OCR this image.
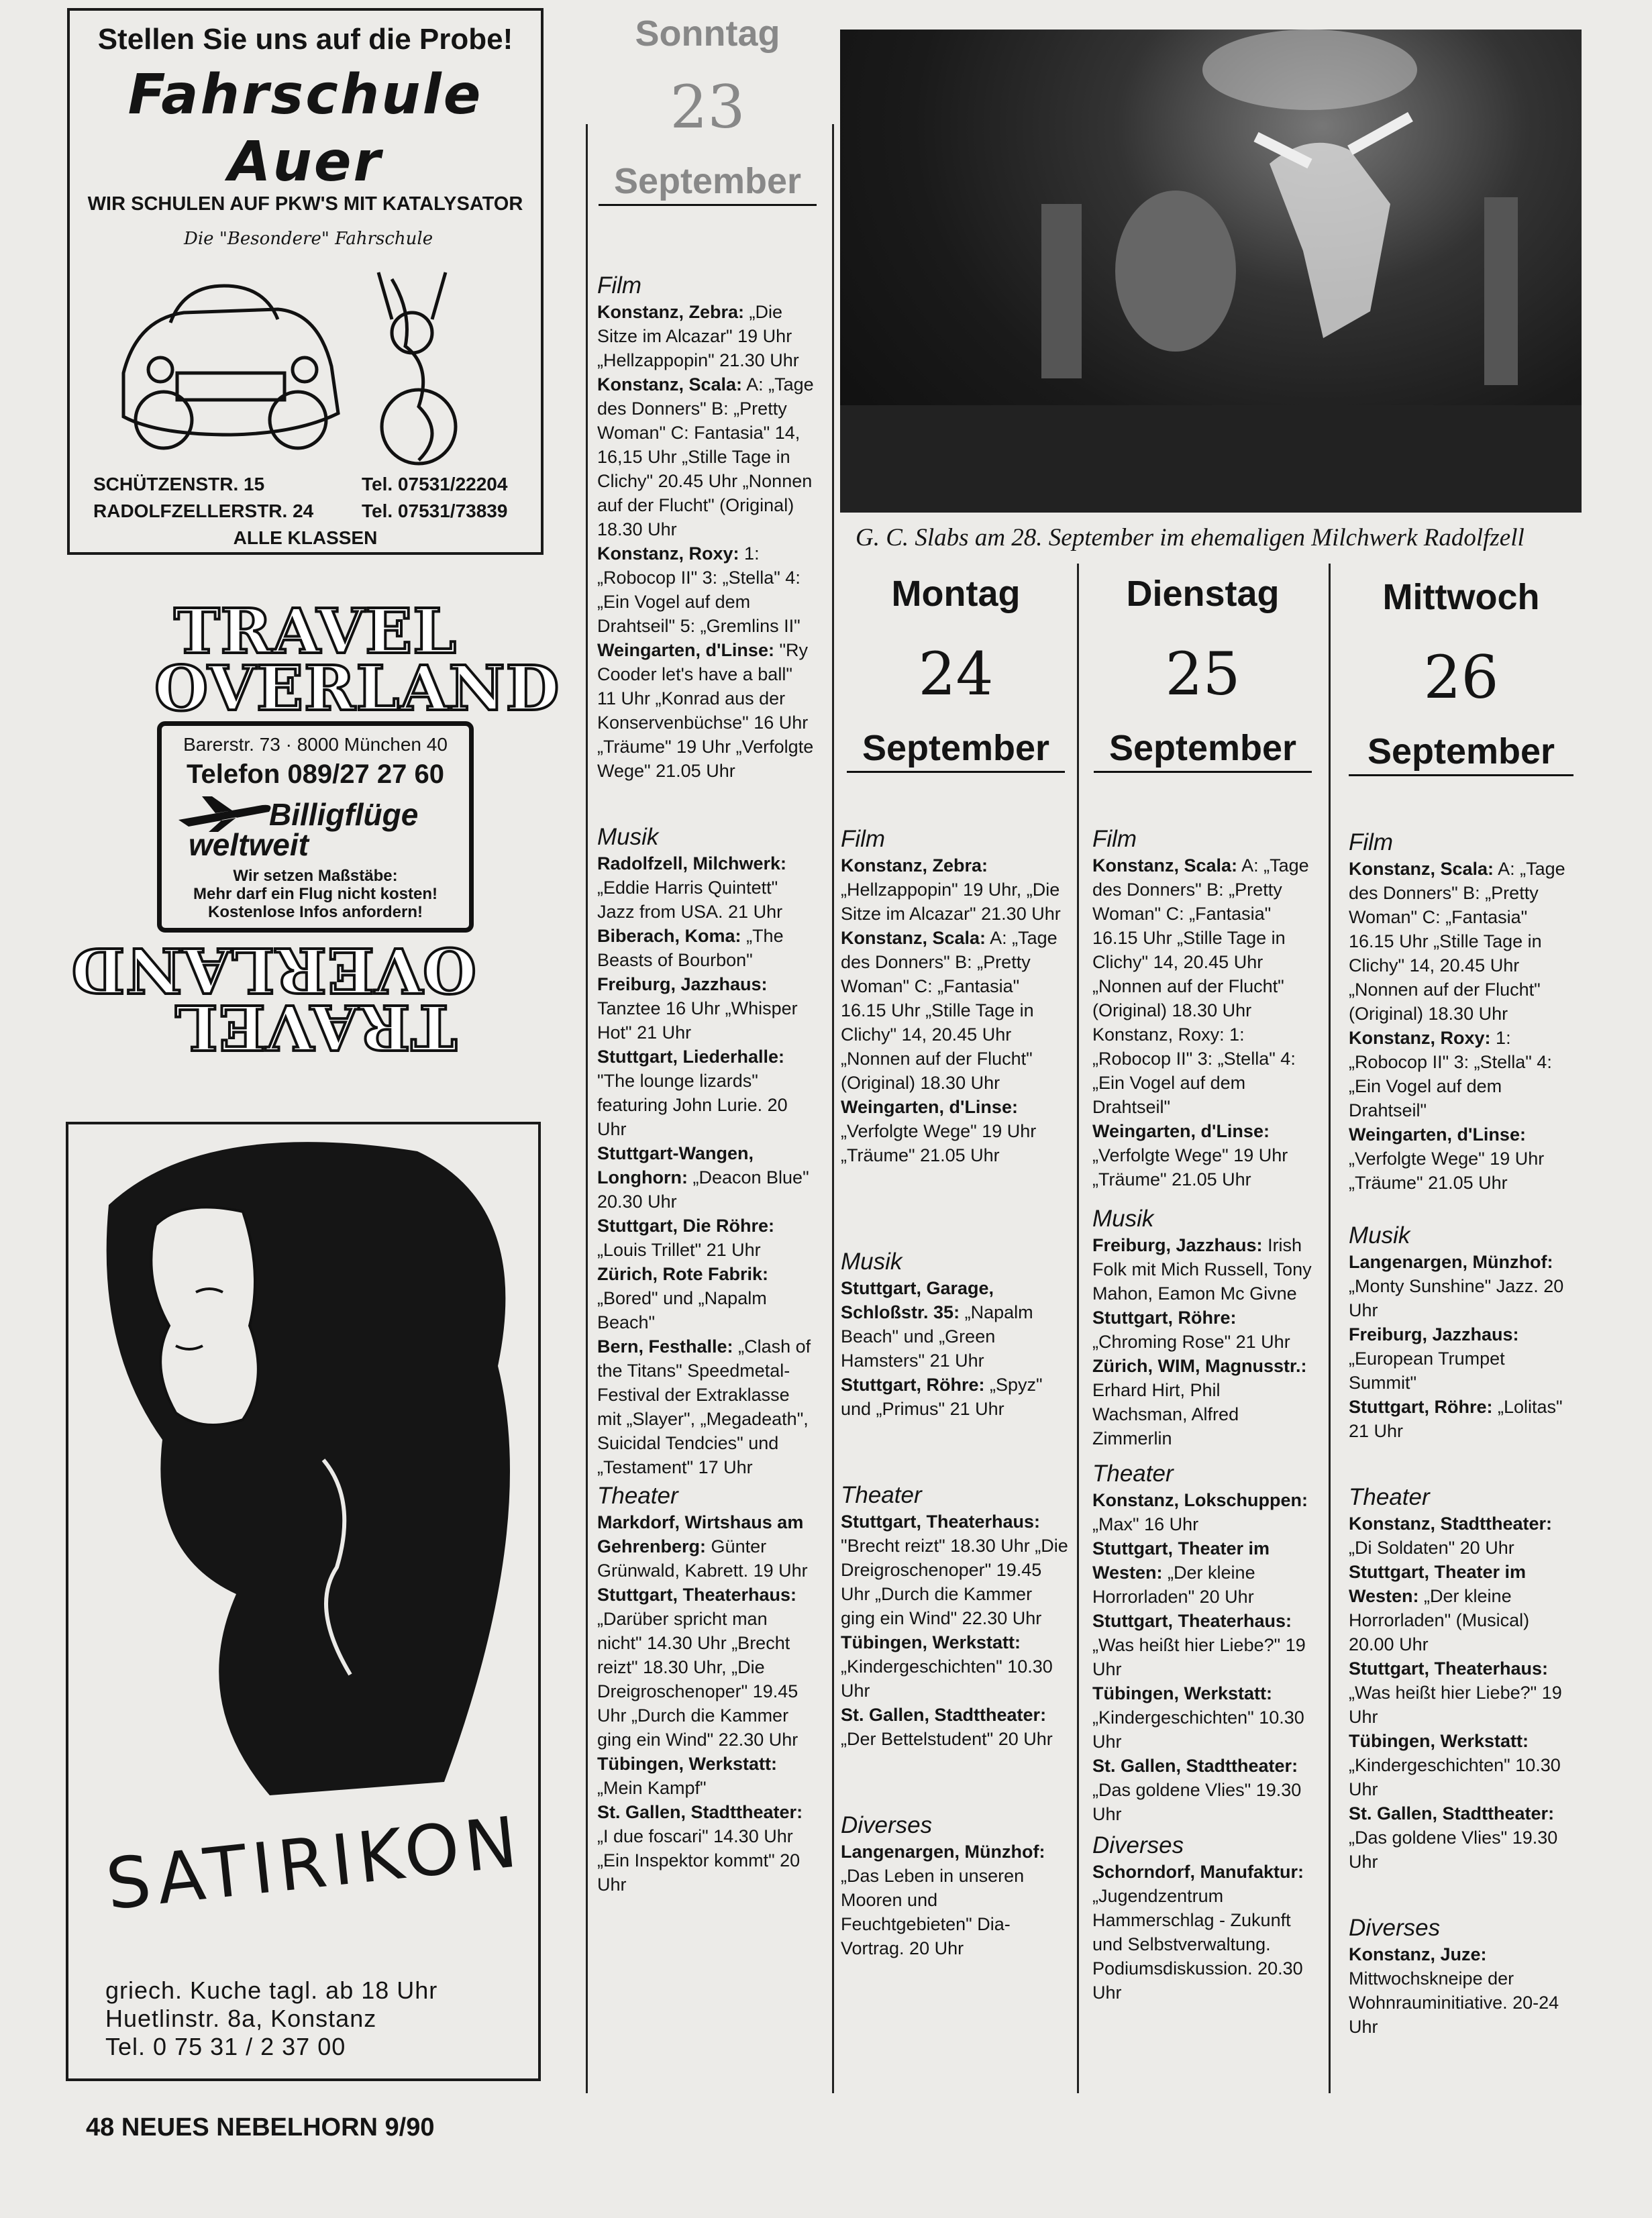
Stellen Sie uns auf die Probe!
Fahrschule
Auer
WIR SCHULEN AUF PKW'S MIT KATALYSATOR
Die "Besondere" Fahrschule
SCHÜTZENSTR. 15	Tel. 07531/22204
RADOLFZELLERSTR. 24	Tel. 07531/73839
ALLE KLASSEN
TRAVEL
OVERLAND
Barerstr. 73 · 8000 München 40
Telefon 089/27 27 60
Billigflüge
weltweit
Wir setzen Maßstäbe:
Mehr darf ein Flug nicht kosten!
Kostenlose Infos anfordern!
OVERLAND
TRAVEL
SATIRIKON
griech. Kuche tagl. ab 18 Uhr
Huetlinstr. 8a, Konstanz
Tel. 0 75 31 / 2 37 00
Sonntag
23
September
Film

Konstanz, Zebra: „Die Sitze im Alcazar" 19 Uhr „Hellzappopin" 21.30 Uhr

Konstanz, Scala: A: „Tage des Donners" B: „Pretty Woman" C: Fantasia" 14, 16,15 Uhr „Stille Tage in Clichy" 20.45 Uhr „Nonnen auf der Flucht" (Original) 18.30 Uhr

Konstanz, Roxy: 1: „Robocop II" 3: „Stella" 4: „Ein Vogel auf dem Drahtseil" 5: „Gremlins II"

Weingarten, d'Linse: "Ry Cooder let's have a ball" 11 Uhr „Konrad aus der Konservenbüchse" 16 Uhr „Träume" 19 Uhr „Verfolgte Wege" 21.05 Uhr

Musik

Radolfzell, Milchwerk: „Eddie Harris Quintett" Jazz from USA. 21 Uhr

Biberach, Koma: „The Beasts of Bourbon"

Freiburg, Jazzhaus: Tanztee 16 Uhr „Whisper Hot" 21 Uhr

Stuttgart, Liederhalle: "The lounge lizards" featuring John Lurie. 20 Uhr

Stuttgart-Wangen, Longhorn: „Deacon Blue" 20.30 Uhr

Stuttgart, Die Röhre: „Louis Trillet" 21 Uhr

Zürich, Rote Fabrik: „Bored" und „Napalm Beach"

Bern, Festhalle: „Clash of the Titans" Speedmetal-Festival der Extraklasse mit „Slayer", „Megadeath", Suicidal Tendcies" und „Testament" 17 Uhr

Theater

Markdorf, Wirtshaus am Gehrenberg: Günter Grünwald, Kabrett. 19 Uhr

Stuttgart, Theaterhaus: „Darüber spricht man nicht" 14.30 Uhr „Brecht reizt" 18.30 Uhr, „Die Dreigroschenoper" 19.45 Uhr „Durch die Kammer ging ein Wind" 22.30 Uhr

Tübingen, Werkstatt: „Mein Kampf"

St. Gallen, Stadttheater: „I due foscari" 14.30 Uhr „Ein Inspektor kommt" 20 Uhr

G. C. Slabs am 28. September im ehemaligen Milchwerk Radolfzell
Montag
24
September
Film

Konstanz, Zebra: „Hellzappopin" 19 Uhr, „Die Sitze im Alcazar" 21.30 Uhr

Konstanz, Scala: A: „Tage des Donners" B: „Pretty Woman" C: „Fantasia" 16.15 Uhr „Stille Tage in Clichy" 14, 20.45 Uhr „Nonnen auf der Flucht" (Original) 18.30 Uhr

Weingarten, d'Linse: „Verfolgte Wege" 19 Uhr „Träume" 21.05 Uhr

Musik

Stuttgart, Garage, Schloßstr. 35: „Napalm Beach" und „Green Hamsters" 21 Uhr

Stuttgart, Röhre: „Spyz" und „Primus" 21 Uhr

Theater

Stuttgart, Theaterhaus: "Brecht reizt" 18.30 Uhr „Die Dreigroschenoper" 19.45 Uhr „Durch die Kammer ging ein Wind" 22.30 Uhr

Tübingen, Werkstatt: „Kindergeschichten" 10.30 Uhr

St. Gallen, Stadttheater: „Der Bettelstudent" 20 Uhr

Diverses

Langenargen, Münzhof: „Das Leben in unseren Mooren und Feuchtgebieten" Dia-Vortrag. 20 Uhr

Dienstag
25
September
Film

Konstanz, Scala: A: „Tage des Donners" B: „Pretty Woman" C: „Fantasia" 16.15 Uhr „Stille Tage in Clichy" 14, 20.45 Uhr „Nonnen auf der Flucht" (Original) 18.30 Uhr

Konstanz, Roxy: 1: „Robocop II" 3: „Stella" 4: „Ein Vogel auf dem Drahtseil"

Weingarten, d'Linse: „Verfolgte Wege" 19 Uhr „Träume" 21.05 Uhr

Musik

Freiburg, Jazzhaus: Irish Folk mit Mich Russell, Tony Mahon, Eamon Mc Givne

Stuttgart, Röhre: „Chroming Rose" 21 Uhr

Zürich, WIM, Magnusstr.: Erhard Hirt, Phil Wachsman, Alfred Zimmerlin

Theater

Konstanz, Lokschuppen: „Max" 16 Uhr

Stuttgart, Theater im Westen: „Der kleine Horrorladen" 20 Uhr

Stuttgart, Theaterhaus: „Was heißt hier Liebe?" 19 Uhr

Tübingen, Werkstatt: „Kindergeschichten" 10.30 Uhr

St. Gallen, Stadttheater: „Das goldene Vlies" 19.30 Uhr

Diverses

Schorndorf, Manufaktur: „Jugendzentrum Hammerschlag - Zukunft und Selbstverwaltung. Podiumsdiskussion. 20.30 Uhr

Mittwoch
26
September
Film

Konstanz, Scala: A: „Tage des Donners" B: „Pretty Woman" C: „Fantasia" 16.15 Uhr „Stille Tage in Clichy" 14, 20.45 Uhr „Nonnen auf der Flucht" (Original) 18.30 Uhr

Konstanz, Roxy: 1: „Robocop II" 3: „Stella" 4: „Ein Vogel auf dem Drahtseil"

Weingarten, d'Linse: „Verfolgte Wege" 19 Uhr „Träume" 21.05 Uhr

Musik

Langenargen, Münzhof: „Monty Sunshine" Jazz. 20 Uhr

Freiburg, Jazzhaus: „European Trumpet Summit"

Stuttgart, Röhre: „Lolitas" 21 Uhr

Theater

Konstanz, Stadttheater: „Di Soldaten" 20 Uhr

Stuttgart, Theater im Westen: „Der kleine Horrorladen" (Musical) 20.00 Uhr

Stuttgart, Theaterhaus: „Was heißt hier Liebe?" 19 Uhr

Tübingen, Werkstatt: „Kindergeschichten" 10.30 Uhr

St. Gallen, Stadttheater: „Das goldene Vlies" 19.30 Uhr

Diverses

Konstanz, Juze: Mittwochskneipe der Wohnrauminitiative. 20-24 Uhr

48 NEUES NEBELHORN 9/90
